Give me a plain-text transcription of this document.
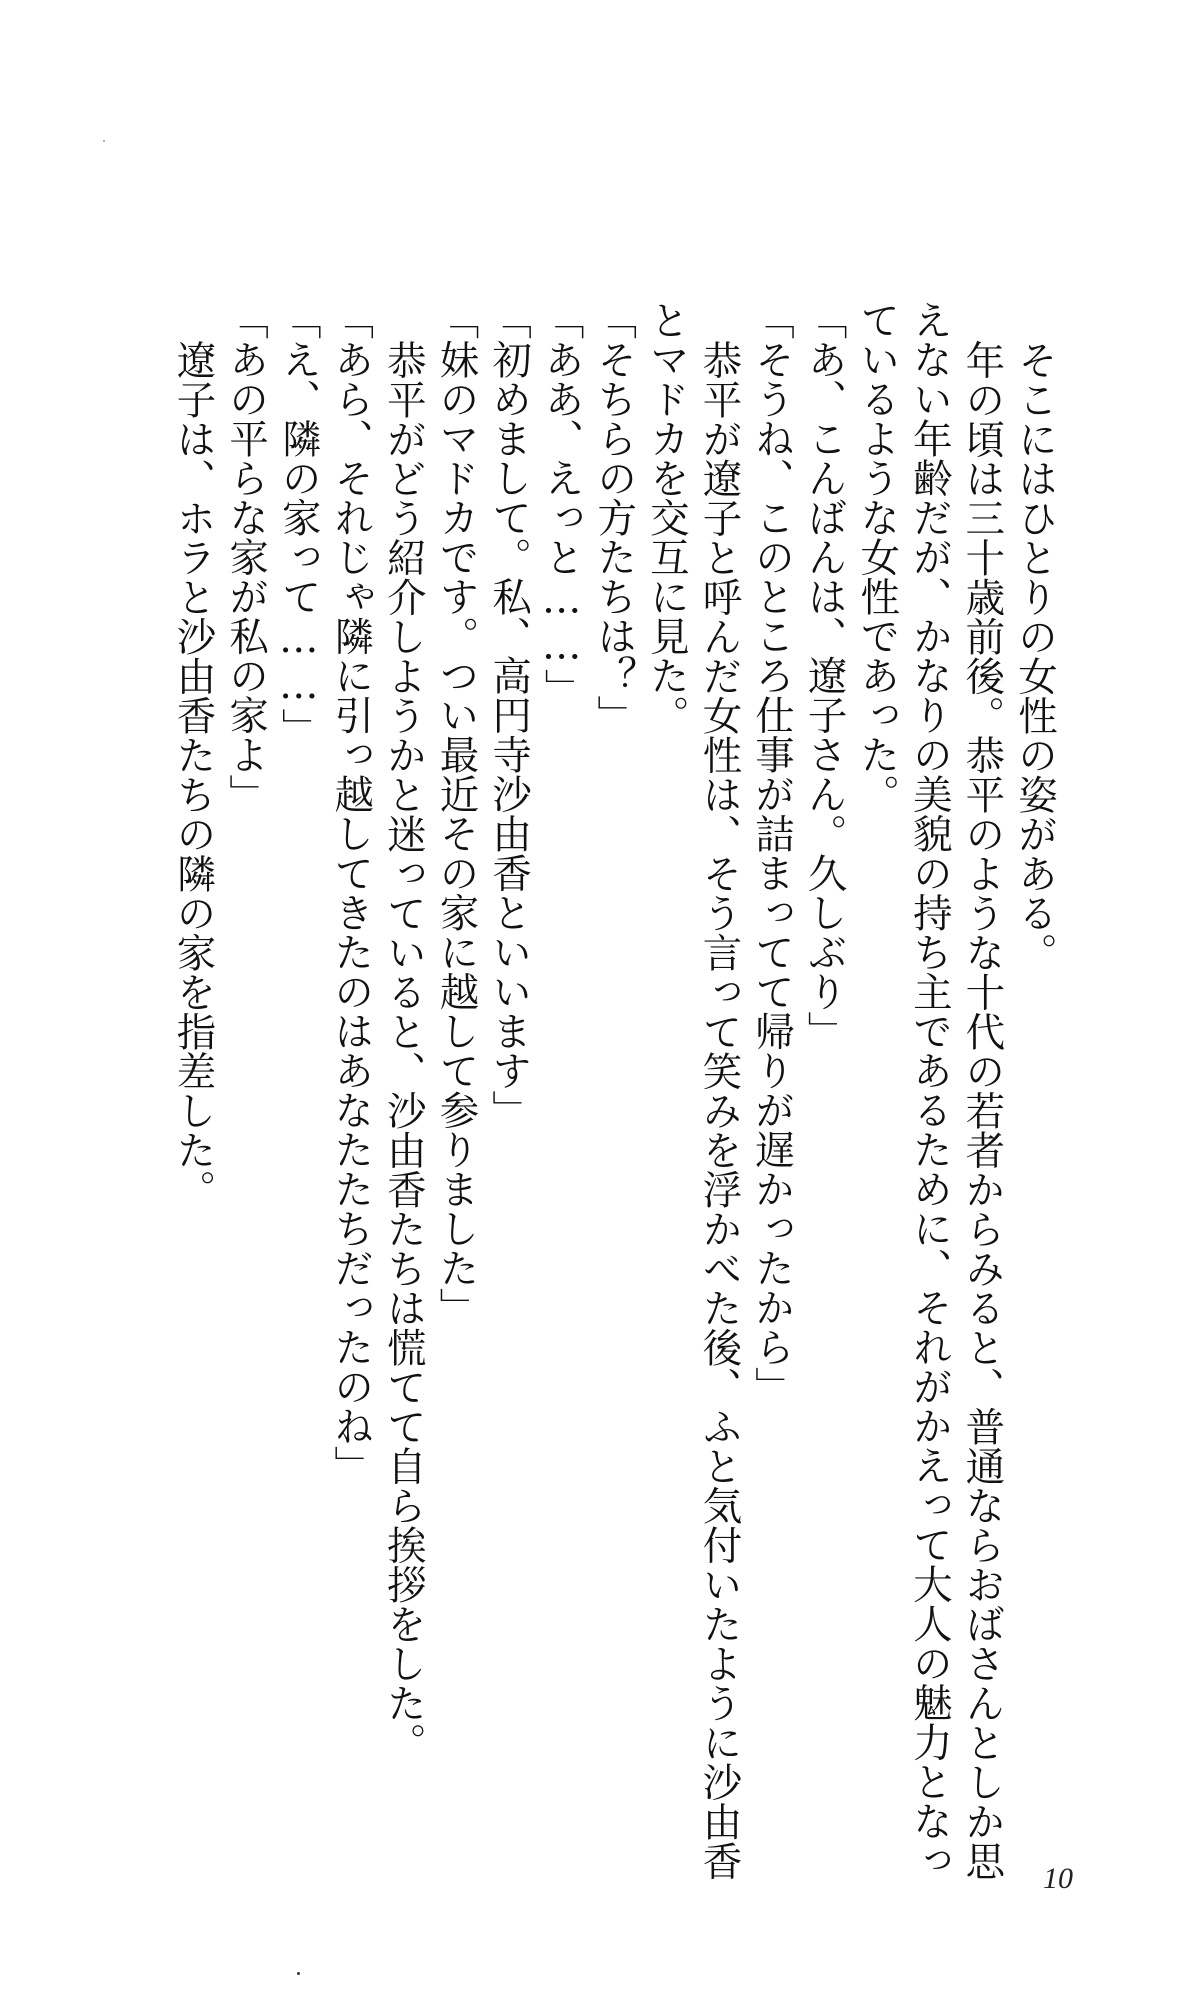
そこにはひとりの女性の姿がある。
年の頃は三十歳前後。恭平のような十代の若者からみると、普通ならおばさんとしか思
えない年齢だが、かなりの美貌の持ち主であるために、それがかえって大人の魅力となっ
ているような女性であった。
「あ、こんばんは、遼子さん。久しぶり」
「そうね、このところ仕事が詰まってて帰りが遅かったから」
恭平が遼子と呼んだ女性は、そう言って笑みを浮かべた後、ふと気付いたように沙由香
とマドカを交互に見た。
「そちらの方たちは？」
「ああ、えっと……」
「初めまして。私、高円寺沙由香といいます」
「妹のマドカです。つい最近その家に越して参りました」
恭平がどう紹介しようかと迷っていると、沙由香たちは慌てて自ら挨拶をした。
「あら、それじゃ隣に引っ越してきたのはあなたたちだったのね」
「え、隣の家って……」
「あの平らな家が私の家よ」
遼子は、ホラと沙由香たちの隣の家を指差した。
10
